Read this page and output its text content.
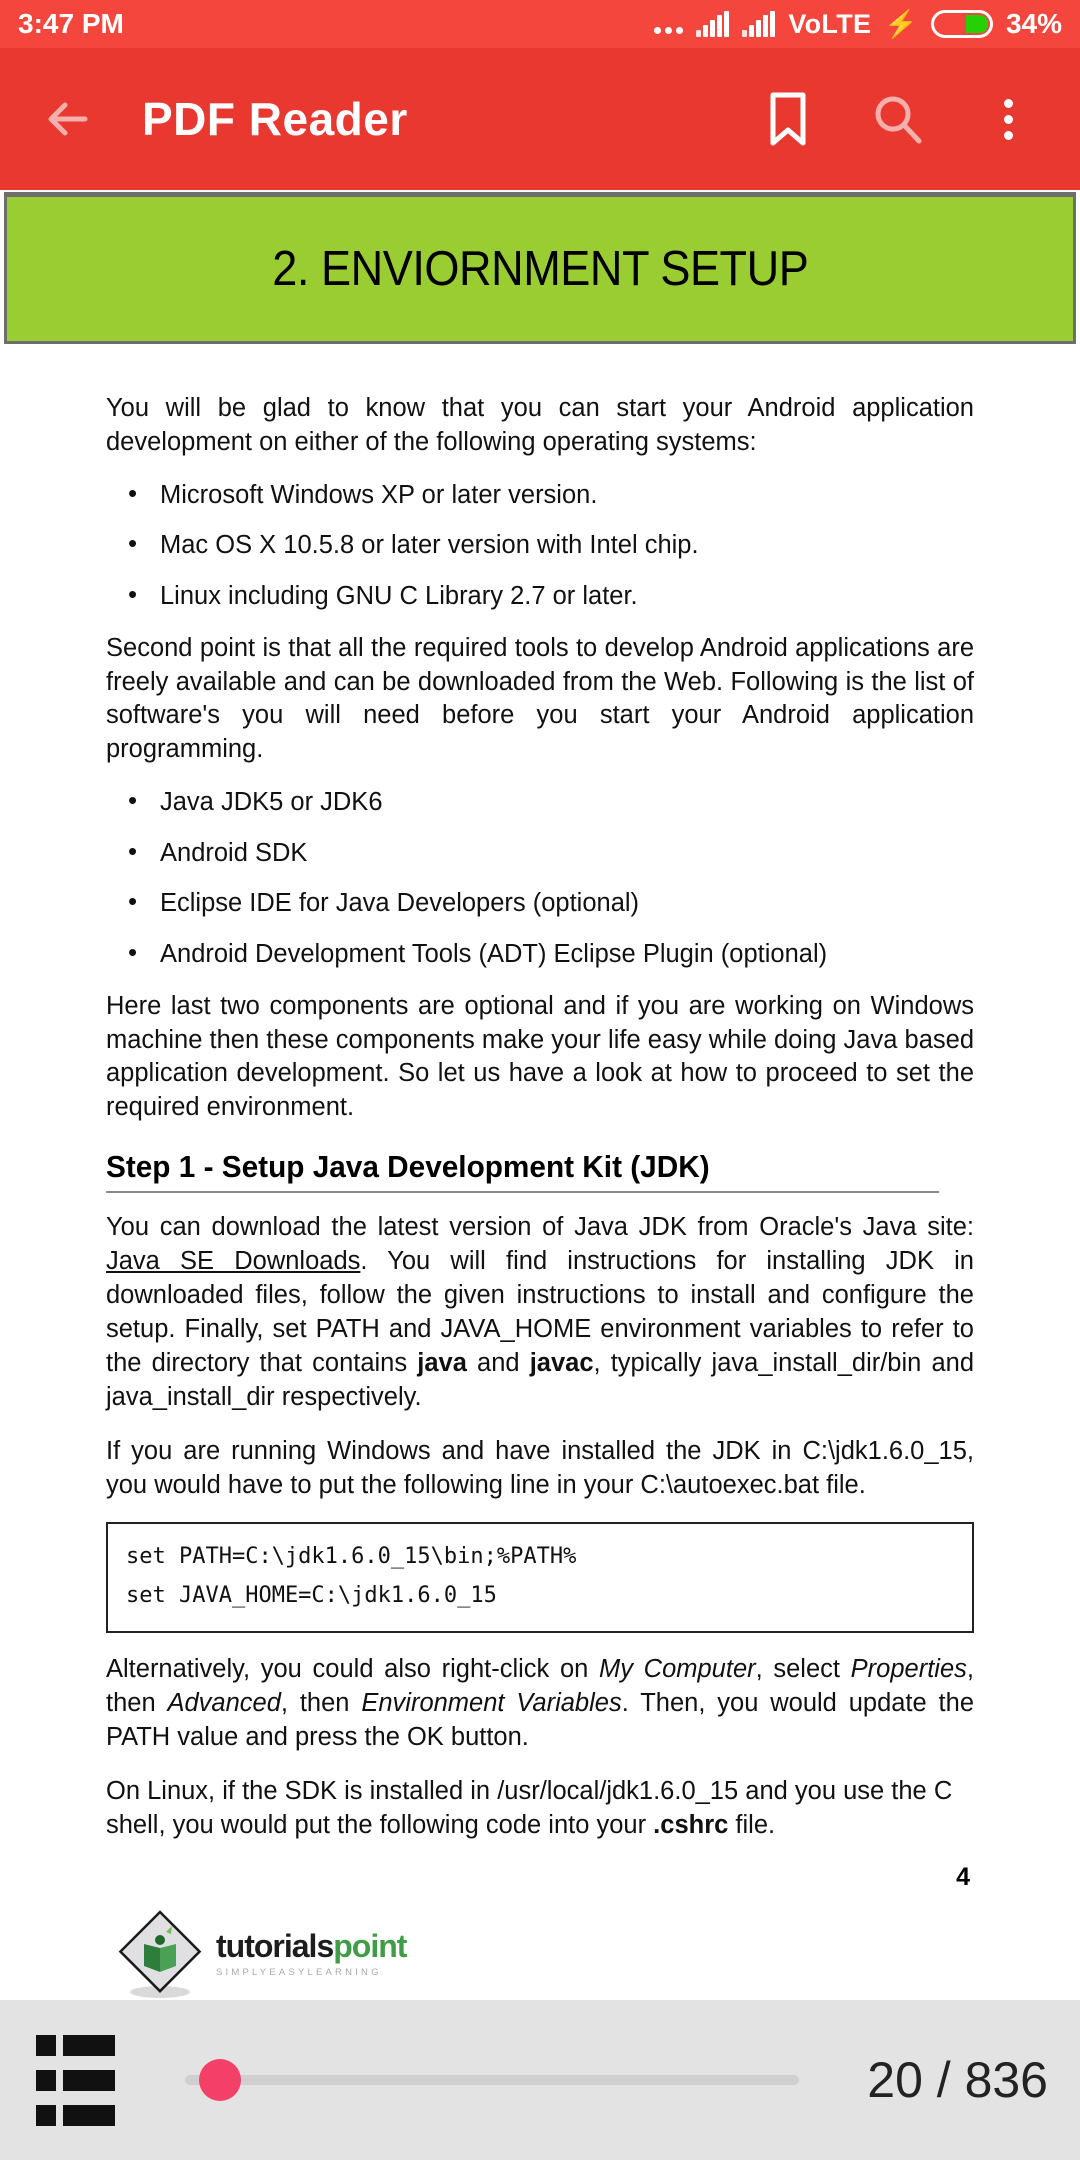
3:47 PM	VoLTE ⚡	34%
PDF Reader
2. ENVIORNMENT SETUP

You will be glad to know that you can start your Android application development on either of the following operating systems:

• Microsoft Windows XP or later version.
• Mac OS X 10.5.8 or later version with Intel chip.
• Linux including GNU C Library 2.7 or later.

Second point is that all the required tools to develop Android applications are freely available and can be downloaded from the Web. Following is the list of software's you will need before you start your Android application programming.

• Java JDK5 or JDK6
• Android SDK
• Eclipse IDE for Java Developers (optional)
• Android Development Tools (ADT) Eclipse Plugin (optional)

Here last two components are optional and if you are working on Windows machine then these components make your life easy while doing Java based application development. So let us have a look at how to proceed to set the required environment.

Step 1 - Setup Java Development Kit (JDK)

You can download the latest version of Java JDK from Oracle's Java site: Java SE Downloads. You will find instructions for installing JDK in downloaded files, follow the given instructions to install and configure the setup. Finally, set PATH and JAVA_HOME environment variables to refer to the directory that contains java and javac, typically java_install_dir/bin and java_install_dir respectively.

If you are running Windows and have installed the JDK in C:\jdk1.6.0_15, you would have to put the following line in your C:\autoexec.bat file.

set PATH=C:\jdk1.6.0_15\bin;%PATH%
set JAVA_HOME=C:\jdk1.6.0_15

Alternatively, you could also right-click on My Computer, select Properties, then Advanced, then Environment Variables. Then, you would update the PATH value and press the OK button.

On Linux, if the SDK is installed in /usr/local/jdk1.6.0_15 and you use the C shell, you would put the following code into your .cshrc file.

4
tutorialspoint
SIMPLYEASYLEARNING
20 / 836
